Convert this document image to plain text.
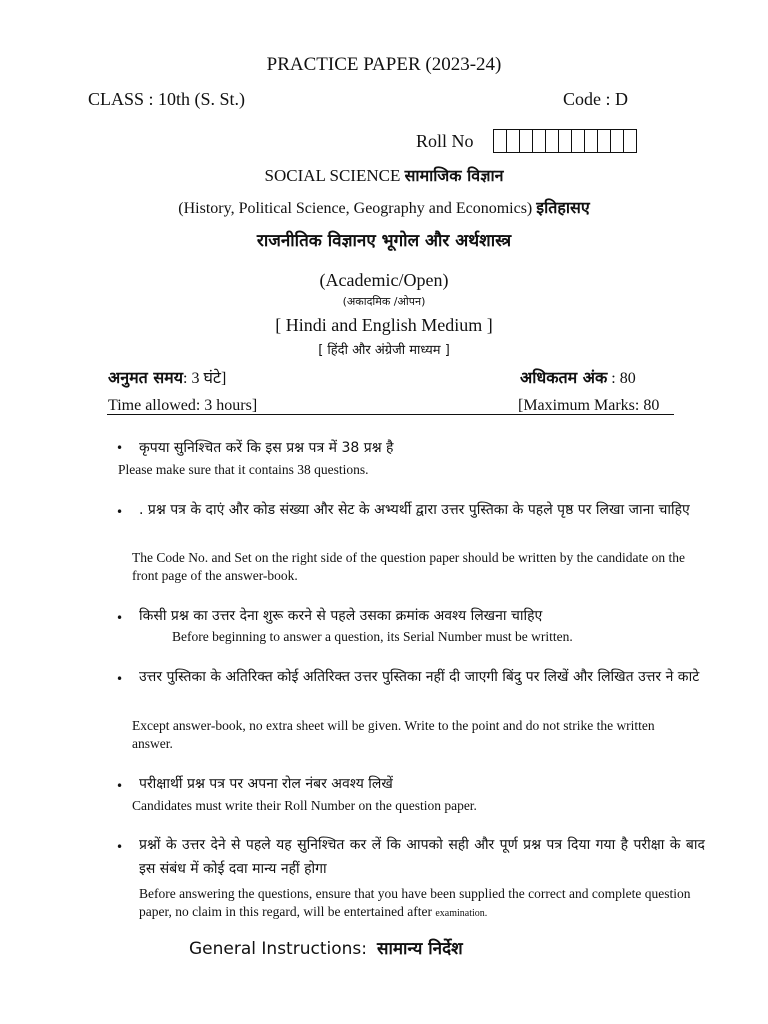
PRACTICE PAPER (2023-24)
CLASS : 10th (S. St.)	Code : D
Roll No
SOCIAL SCIENCE सामाजिक विज्ञान
(History, Political Science, Geography and Economics) इतिहासए
राजनीतिक विज्ञानए भूगोल और अर्थशास्त्र
(Academic/Open)
(अकादमिक /ओपन)
[ Hindi and English Medium ]
[ हिंदी और अंग्रेजी माध्यम ]
अनुमत समय: 3 घंटे]	अधिकतम अंक : 80
Time allowed: 3 hours]	[Maximum Marks: 80
• कृपया सुनिश्चित करें कि इस प्रश्न पत्र में 38 प्रश्न है
Please make sure that it contains 38 questions.
• . प्रश्न पत्र के दाएं और कोड संख्या और सेट के अभ्यर्थी द्वारा उत्तर पुस्तिका के पहले पृष्ठ पर लिखा जाना चाहिए
The Code No. and Set on the right side of the question paper should be written by the candidate on the front page of the answer-book.
• किसी प्रश्न का उत्तर देना शुरू करने से पहले उसका क्रमांक अवश्य लिखना चाहिए
Before beginning to answer a question, its Serial Number must be written.
• उत्तर पुस्तिका के अतिरिक्त कोई अतिरिक्त उत्तर पुस्तिका नहीं दी जाएगी बिंदु पर लिखें और लिखित उत्तर ने काटे
Except answer-book, no extra sheet will be given. Write to the point and do not strike the written answer.
• परीक्षार्थी प्रश्न पत्र पर अपना रोल नंबर अवश्य लिखें
Candidates must write their Roll Number on the question paper.
• प्रश्नों के उत्तर देने से पहले यह सुनिश्चित कर लें कि आपको सही और पूर्ण प्रश्न पत्र दिया गया है परीक्षा के बाद इस संबंध में कोई दवा मान्य नहीं होगा
Before answering the questions, ensure that you have been supplied the correct and complete question paper, no claim in this regard, will be entertained after examination.
General Instructions: सामान्य निर्देश
